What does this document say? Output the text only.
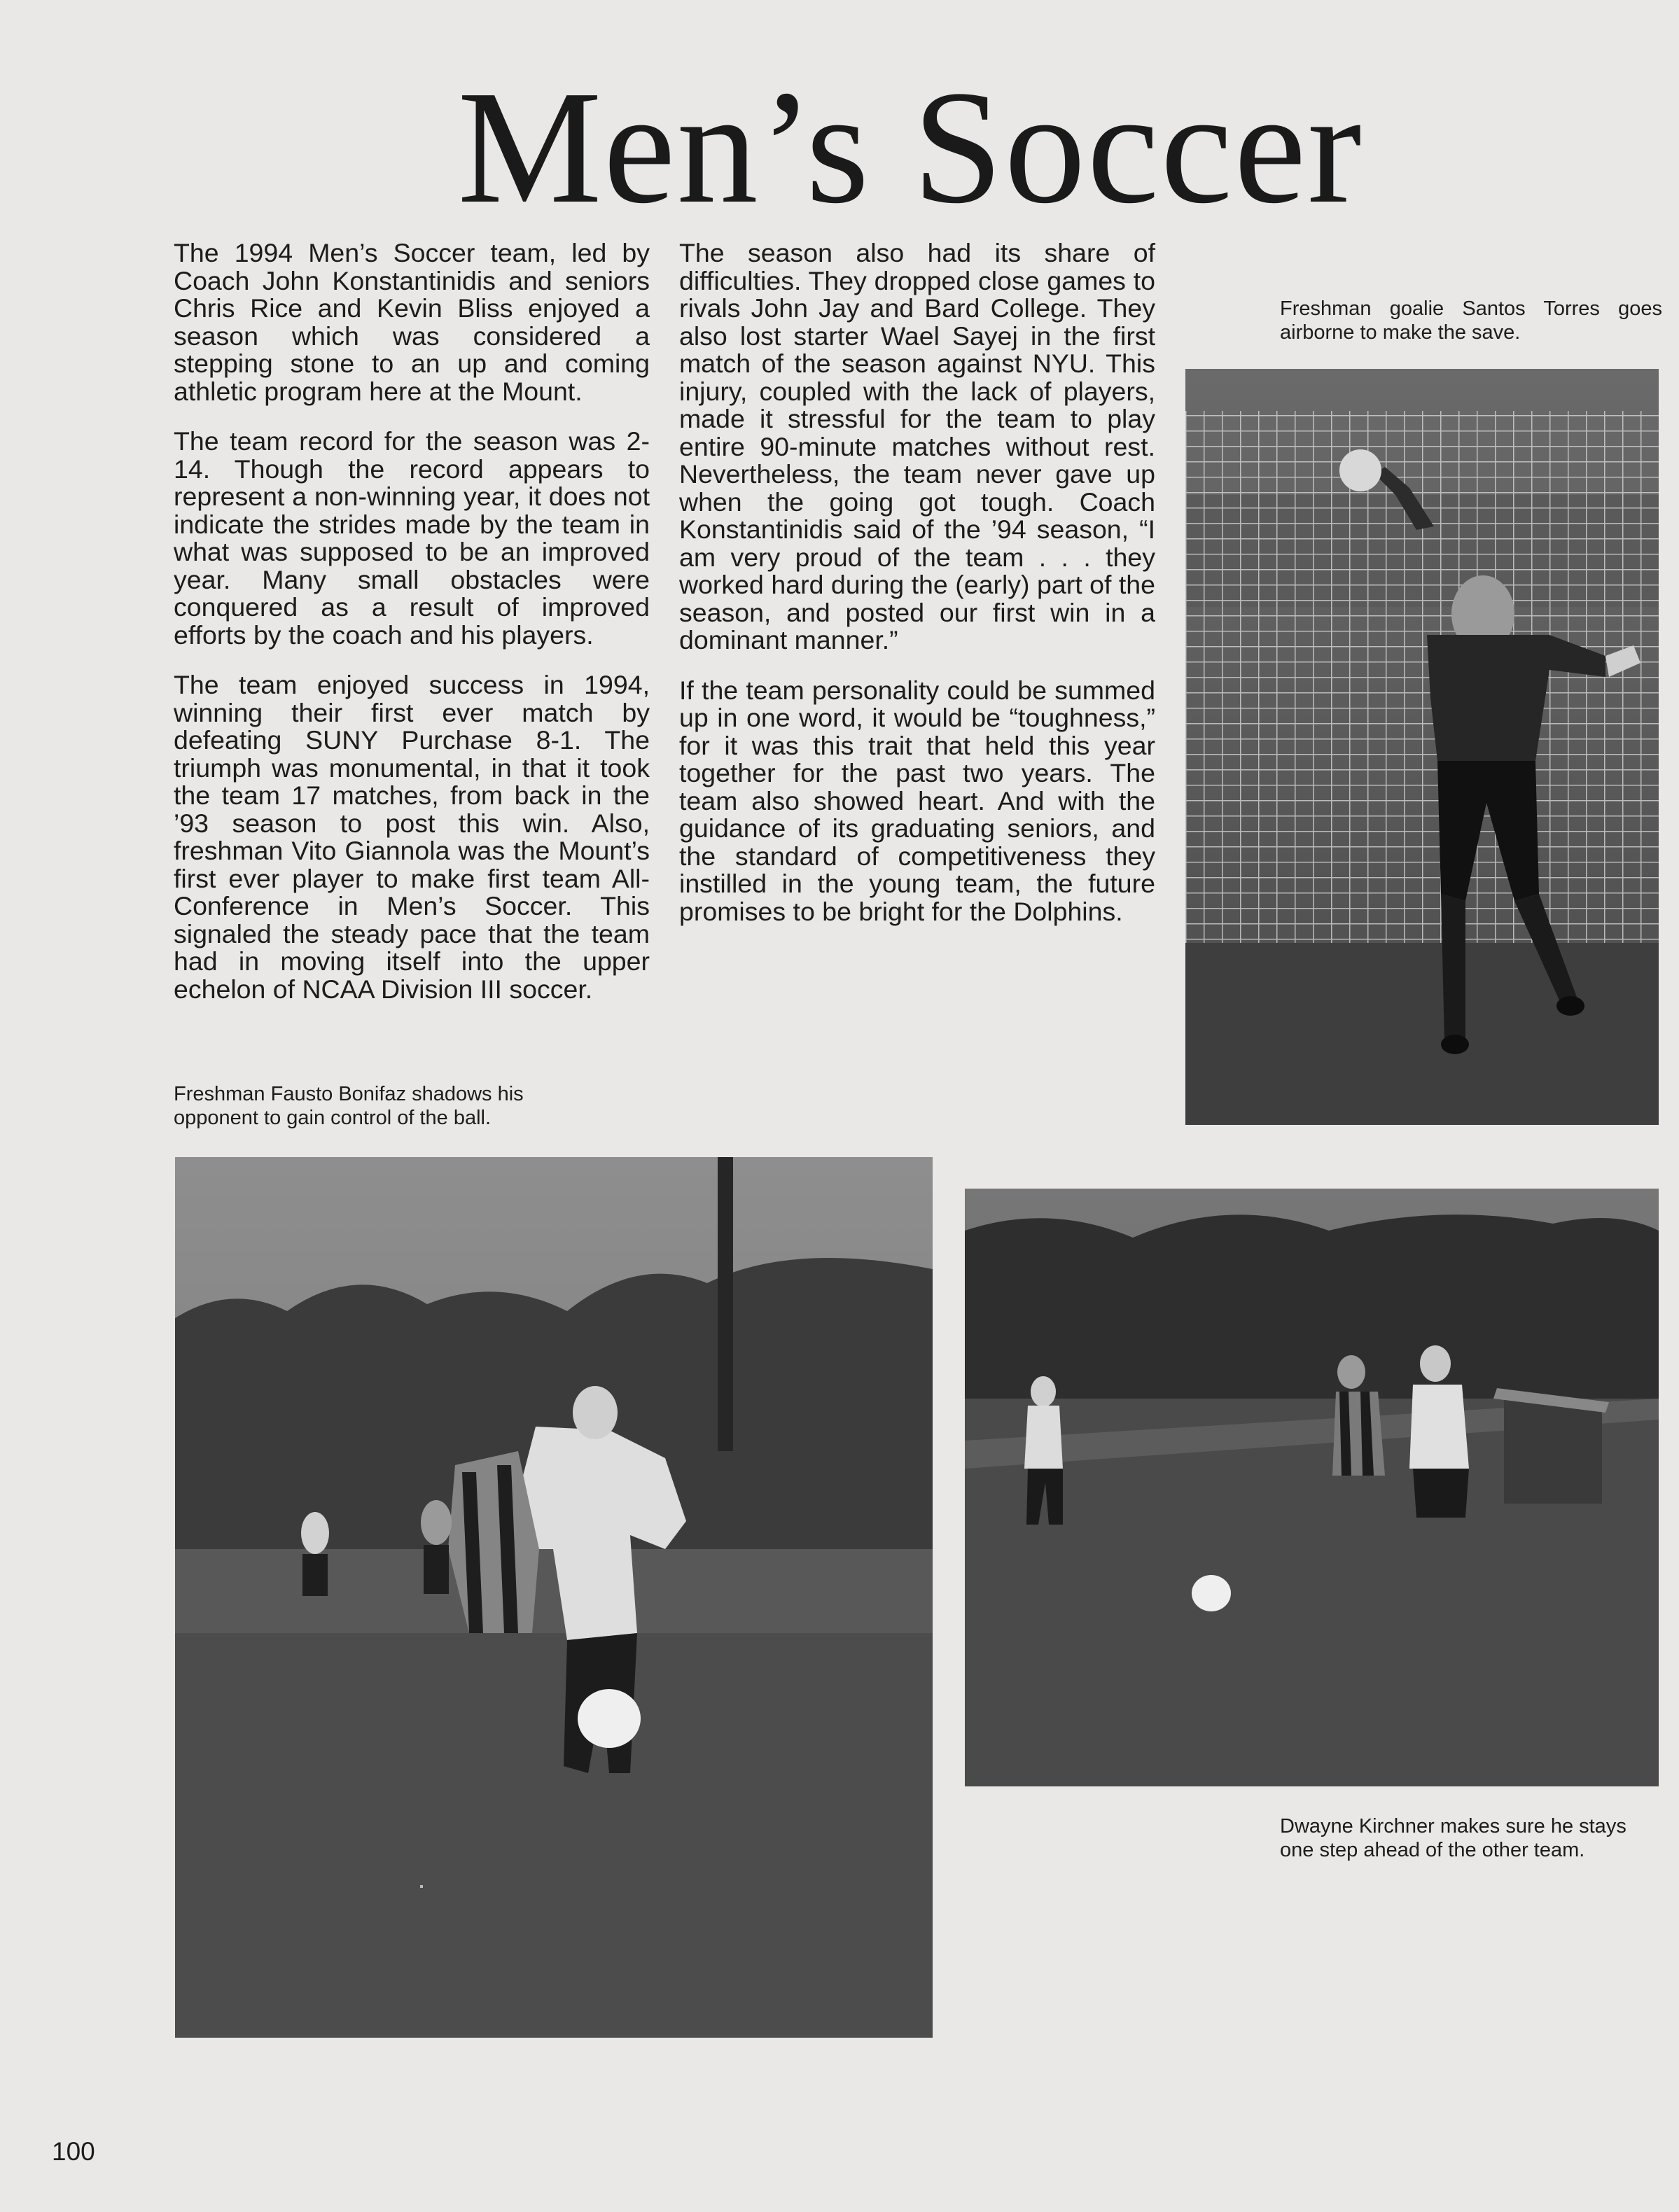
Men’s Soccer

The 1994 Men’s Soccer team, led by Coach John Konstantinidis and seniors Chris Rice and Kevin Bliss enjoyed a season which was considered a stepping stone to an up and coming athletic program here at the Mount.

The team record for the season was 2-14. Though the record appears to represent a non-winning year, it does not indicate the strides made by the team in what was supposed to be an improved year. Many small obstacles were conquered as a result of improved efforts by the coach and his players.

The team enjoyed success in 1994, winning their first ever match by defeating SUNY Purchase 8-1. The triumph was monumental, in that it took the team 17 matches, from back in the ’93 season to post this win. Also, freshman Vito Giannola was the Mount’s first ever player to make first team All-Conference in Men’s Soccer. This signaled the steady pace that the team had in moving itself into the upper echelon of NCAA Division III soccer.

The season also had its share of difficulties. They dropped close games to rivals John Jay and Bard College. They also lost starter Wael Sayej in the first match of the season against NYU. This injury, coupled with the lack of players, made it stressful for the team to play entire 90-minute matches without rest. Nevertheless, the team never gave up when the going got tough. Coach Konstantinidis said of the ’94 season, “I am very proud of the team . . . they worked hard during the (early) part of the season, and posted our first win in a dominant manner.”

If the team personality could be summed up in one word, it would be “toughness,” for it was this trait that held this year together for the past two years. The team also showed heart. And with the guidance of its graduating seniors, and the standard of competitiveness they instilled in the young team, the future promises to be bright for the Dolphins.

Freshman goalie Santos Torres goes airborne to make the save.
Freshman Fausto Bonifaz shadows his opponent to gain control of the ball.
Dwayne Kirchner makes sure he stays one step ahead of the other team.
100
